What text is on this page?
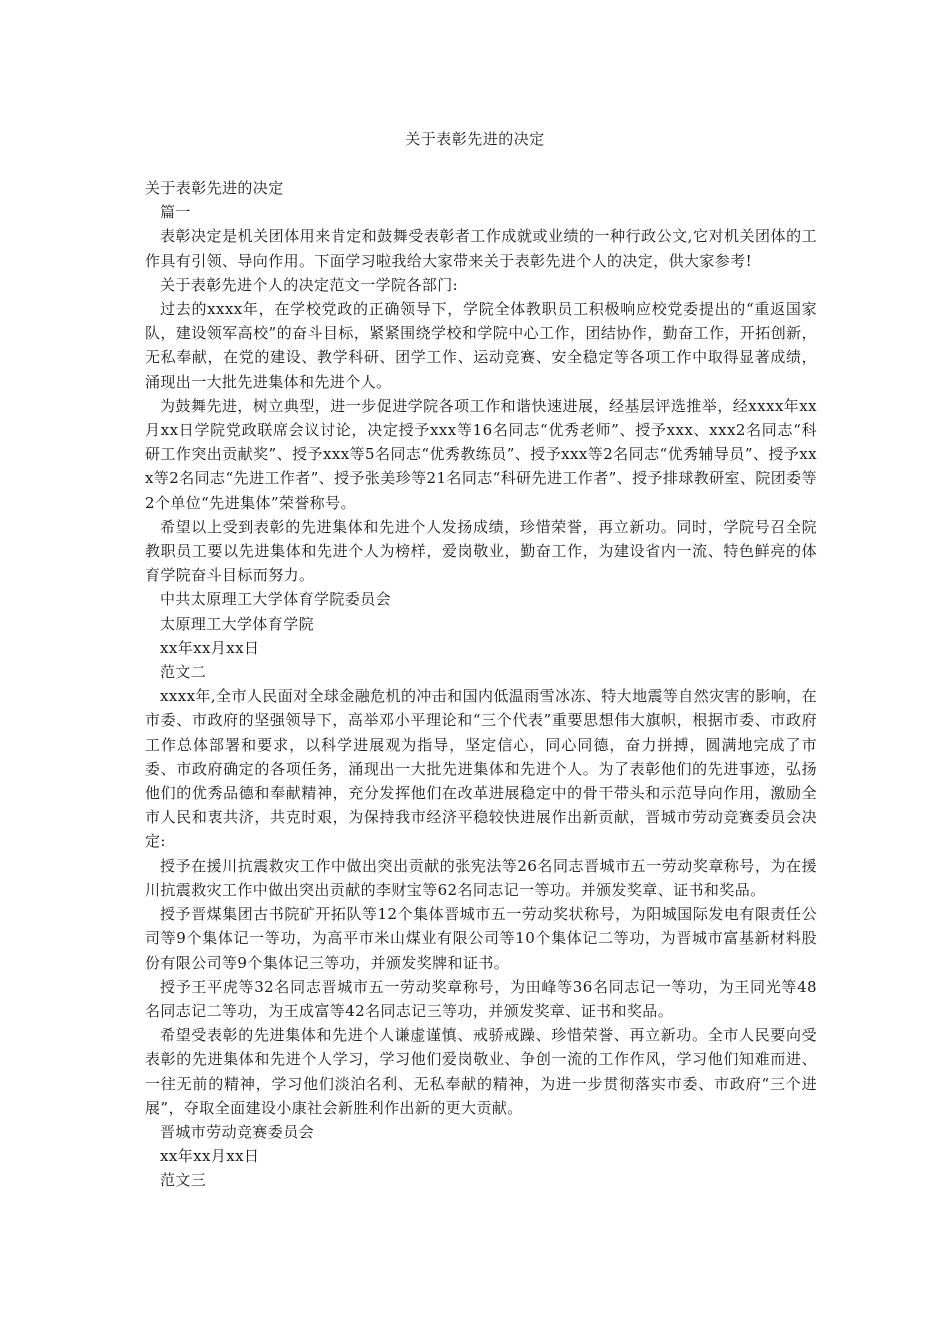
关于表彰先进的决定

关于表彰先进的决定

篇一

表彰决定是机关团体用来肯定和鼓舞受表彰者工作成就或业绩的一种行政公文,它对机关团体的工作具有引领、导向作用。下面学习啦我给大家带来关于表彰先进个人的决定，供大家参考!

关于表彰先进个人的决定范文一学院各部门:

过去的xxxx年，在学校党政的正确领导下，学院全体教职员工积极响应校党委提出的“重返国家队，建设领军高校”的奋斗目标，紧紧围绕学校和学院中心工作，团结协作，勤奋工作，开拓创新，无私奉献，在党的建设、教学科研、团学工作、运动竞赛、安全稳定等各项工作中取得显著成绩，涌现出一大批先进集体和先进个人。

为鼓舞先进，树立典型，进一步促进学院各项工作和谐快速进展，经基层评选推举，经xxxx年xx月xx日学院党政联席会议讨论，决定授予xxx等16名同志“优秀老师”、授予xxx、xxx2名同志“科研工作突出贡献奖”、授予xxx等5名同志“优秀教练员”、授予xxx等2名同志“优秀辅导员”、授予xxx等2名同志“先进工作者”、授予张美珍等21名同志“科研先进工作者”、授予排球教研室、院团委等2个单位“先进集体”荣誉称号。

希望以上受到表彰的先进集体和先进个人发扬成绩，珍惜荣誉，再立新功。同时，学院号召全院教职员工要以先进集体和先进个人为榜样，爱岗敬业，勤奋工作，为建设省内一流、特色鲜亮的体育学院奋斗目标而努力。

中共太原理工大学体育学院委员会

太原理工大学体育学院

xx年xx月xx日

范文二

xxxx年,全市人民面对全球金融危机的冲击和国内低温雨雪冰冻、特大地震等自然灾害的影响，在市委、市政府的坚强领导下，高举邓小平理论和“三个代表”重要思想伟大旗帜，根据市委、市政府工作总体部署和要求，以科学进展观为指导，坚定信心，同心同德，奋力拼搏，圆满地完成了市委、市政府确定的各项任务，涌现出一大批先进集体和先进个人。为了表彰他们的先进事迹，弘扬他们的优秀品德和奉献精神，充分发挥他们在改革进展稳定中的骨干带头和示范导向作用，激励全市人民和衷共济，共克时艰，为保持我市经济平稳较快进展作出新贡献，晋城市劳动竞赛委员会决定:

授予在援川抗震救灾工作中做出突出贡献的张宪法等26名同志晋城市五一劳动奖章称号，为在援川抗震救灾工作中做出突出贡献的李财宝等62名同志记一等功。并颁发奖章、证书和奖品。

授予晋煤集团古书院矿开拓队等12个集体晋城市五一劳动奖状称号，为阳城国际发电有限责任公司等9个集体记一等功，为高平市米山煤业有限公司等10个集体记二等功，为晋城市富基新材料股份有限公司等9个集体记三等功，并颁发奖牌和证书。

授予王平虎等32名同志晋城市五一劳动奖章称号，为田峰等36名同志记一等功，为王同光等48名同志记二等功，为王成富等42名同志记三等功，并颁发奖章、证书和奖品。

希望受表彰的先进集体和先进个人谦虚谨慎、戒骄戒躁、珍惜荣誉、再立新功。全市人民要向受表彰的先进集体和先进个人学习，学习他们爱岗敬业、争创一流的工作作风，学习他们知难而进、一往无前的精神，学习他们淡泊名利、无私奉献的精神，为进一步贯彻落实市委、市政府“三个进展”，夺取全面建设小康社会新胜利作出新的更大贡献。

晋城市劳动竞赛委员会

xx年xx月xx日

范文三
